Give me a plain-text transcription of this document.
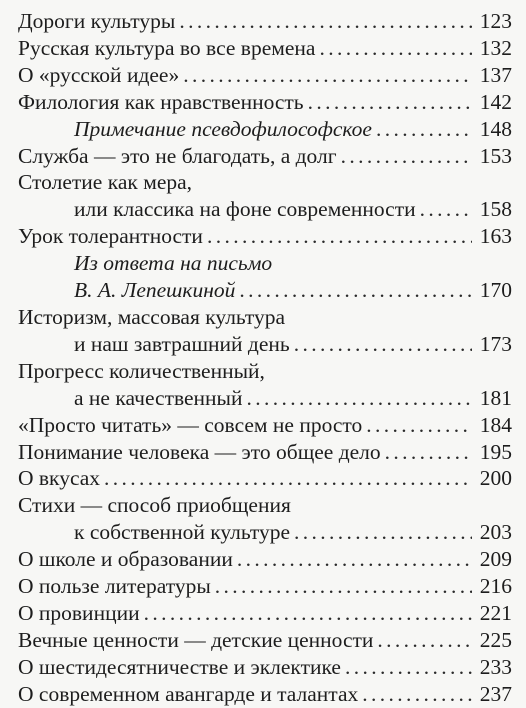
Дороги культуры . . .	123
Русская культура во все времена . . .	132
О «русской идее» . . .	137
Филология как нравственность . . .	142
Примечание псевдофилософское . . .	148
Служба — это не благодать, а долг . . .	153
Столетие как мера,
или классика на фоне современности . . .	158
Урок толерантности . . .	163
Из ответа на письмо
В. А. Лепешкиной . . .	170
Историзм, массовая культура
и наш завтрашний день . . .	173
Прогресс количественный,
а не качественный . . .	181
«Просто читать» — совсем не просто . . .	184
Понимание человека — это общее дело . . .	195
О вкусах . . .	200
Стихи — способ приобщения
к собственной культуре . . .	203
О школе и образовании . . .	209
О пользе литературы . . .	216
О провинции . . .	221
Вечные ценности — детские ценности . . .	225
О шестидесятничестве и эклектике . . .	233
О современном авангарде и талантах . . .	237
